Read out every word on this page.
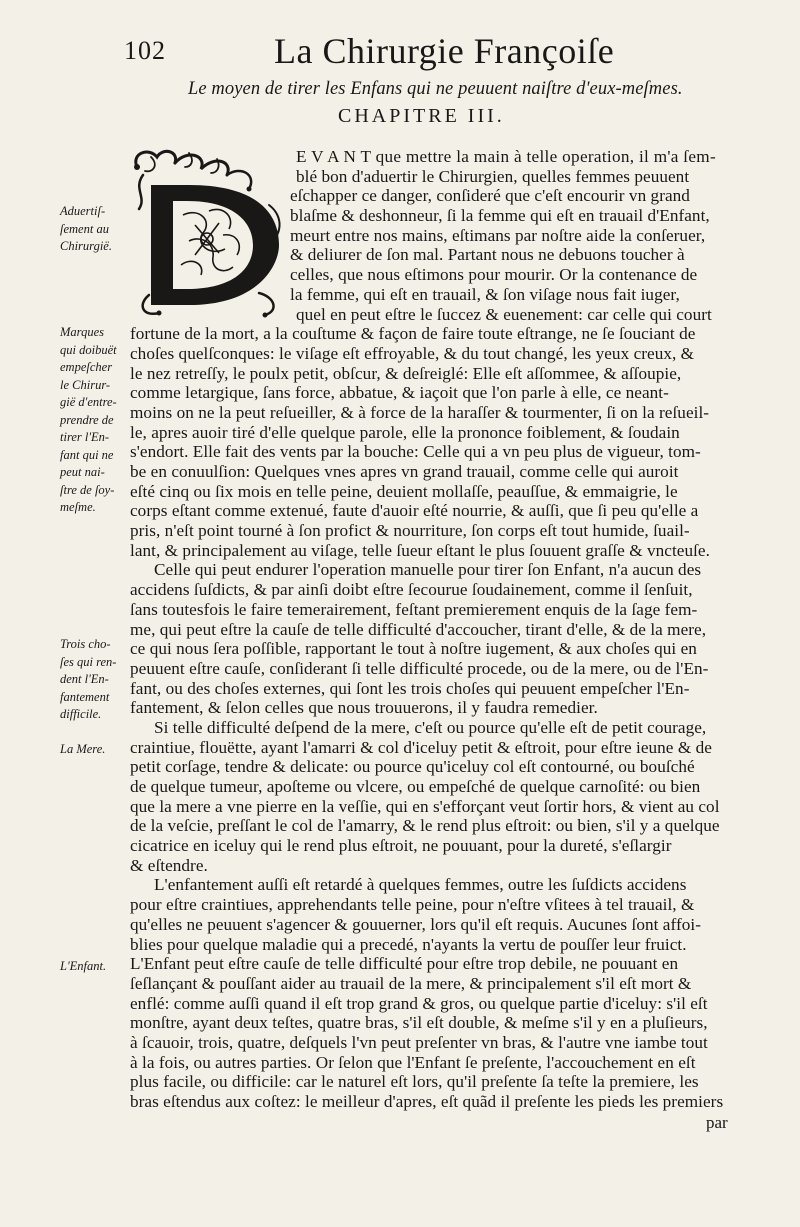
102	La Chirurgie Françoiſe
Le moyen de tirer les Enfans qui ne peuuent naiſtre d'eux-meſmes.
CHAPITRE III.
Aduertiſ-
ſement au
Chirurgië.
Marques
qui doibuët
empeſcher
le Chirur-
gië d'entre-
prendre de
tirer l'En-
fant qui ne
peut nai-
ſtre de ſoy-
meſme.
Trois cho-
ſes qui ren-
dent l'En-
fantement
difficile.
La Mere.
L'Enfant.
E V A N T que mettre la main à telle operation, il m'a ſem-
blé bon d'aduertir le Chirurgien, quelles femmes peuuent
eſchapper ce danger, conſideré que c'eſt encourir vn grand
blaſme & deshonneur, ſi la femme qui eſt en trauail d'Enfant,
meurt entre nos mains, eſtimans par noſtre aide la conſeruer,
& deliurer de ſon mal. Partant nous ne debuons toucher à
celles, que nous eſtimons pour mourir. Or la contenance de
la femme, qui eſt en trauail, & ſon viſage nous fait iuger,
quel en peut eſtre le ſuccez & euenement: car celle qui court
fortune de la mort, a la couſtume & façon de faire toute eſtrange, ne ſe ſouciant de
choſes quelſconques: le viſage eſt effroyable, & du tout changé, les yeux creux, &
le nez retreſſy, le poulx petit, obſcur, & deſreiglé: Elle eſt aſſommee, & aſſoupie,
comme letargique, ſans force, abbatue, & iaçoit que l'on parle à elle, ce neant-
moins on ne la peut reſueiller, & à force de la haraſſer & tourmenter, ſi on la reſueil-
le, apres auoir tiré d'elle quelque parole, elle la prononce foiblement, & ſoudain
s'endort. Elle fait des vents par la bouche: Celle qui a vn peu plus de vigueur, tom-
be en conuulſion: Quelques vnes apres vn grand trauail, comme celle qui auroit
eſté cinq ou ſix mois en telle peine, deuient mollaſſe, peauſſue, & emmaigrie, le
corps eſtant comme extenué, faute d'auoir eſté nourrie, & auſſi, que ſi peu qu'elle a
pris, n'eſt point tourné à ſon profict & nourriture, ſon corps eſt tout humide, ſuail-
lant, & principalement au viſage, telle ſueur eſtant le plus ſouuent graſſe & vncteuſe.
Celle qui peut endurer l'operation manuelle pour tirer ſon Enfant, n'a aucun des
accidens ſuſdicts, & par ainſi doibt eſtre ſecourue ſoudainement, comme il ſenſuit,
ſans toutesfois le faire temerairement, feſtant premierement enquis de la ſage fem-
me, qui peut eſtre la cauſe de telle difficulté d'accoucher, tirant d'elle, & de la mere,
ce qui nous ſera poſſible, rapportant le tout à noſtre iugement, & aux choſes qui en
peuuent eſtre cauſe, conſiderant ſi telle difficulté procede, ou de la mere, ou de l'En-
fant, ou des choſes externes, qui ſont les trois choſes qui peuuent empeſcher l'En-
fantement, & ſelon celles que nous trouuerons, il y faudra remedier.
Si telle difficulté deſpend de la mere, c'eſt ou pource qu'elle eſt de petit courage,
craintiue, flouëtte, ayant l'amarri & col d'iceluy petit & eſtroit, pour eſtre ieune & de
petit corſage, tendre & delicate: ou pource qu'iceluy col eſt contourné, ou bouſché
de quelque tumeur, apoſteme ou vlcere, ou empeſché de quelque carnoſité: ou bien
que la mere a vne pierre en la veſſie, qui en s'efforçant veut ſortir hors, & vient au col
de la veſcie, preſſant le col de l'amarry, & le rend plus eſtroit: ou bien, s'il y a quelque
cicatrice en iceluy qui le rend plus eſtroit, ne pouuant, pour la dureté, s'eſlargir
& eſtendre.
L'enfantement auſſi eſt retardé à quelques femmes, outre les ſuſdicts accidens
pour eſtre craintiues, apprehendants telle peine, pour n'eſtre vſitees à tel trauail, &
qu'elles ne peuuent s'agencer & gouuerner, lors qu'il eſt requis. Aucunes ſont affoi-
blies pour quelque maladie qui a precedé, n'ayants la vertu de pouſſer leur fruict.
L'Enfant peut eſtre cauſe de telle difficulté pour eſtre trop debile, ne pouuant en
ſeſlançant & pouſſant aider au trauail de la mere, & principalement s'il eſt mort &
enflé: comme auſſi quand il eſt trop grand & gros, ou quelque partie d'iceluy: s'il eſt
monſtre, ayant deux teſtes, quatre bras, s'il eſt double, & meſme s'il y en a pluſieurs,
à ſcauoir, trois, quatre, deſquels l'vn peut preſenter vn bras, & l'autre vne iambe tout
à la fois, ou autres parties. Or ſelon que l'Enfant ſe preſente, l'accouchement en eſt
plus facile, ou difficile: car le naturel eſt lors, qu'il preſente ſa teſte la premiere, les
bras eſtendus aux coſtez: le meilleur d'apres, eſt quãd il preſente les pieds les premiers
par
